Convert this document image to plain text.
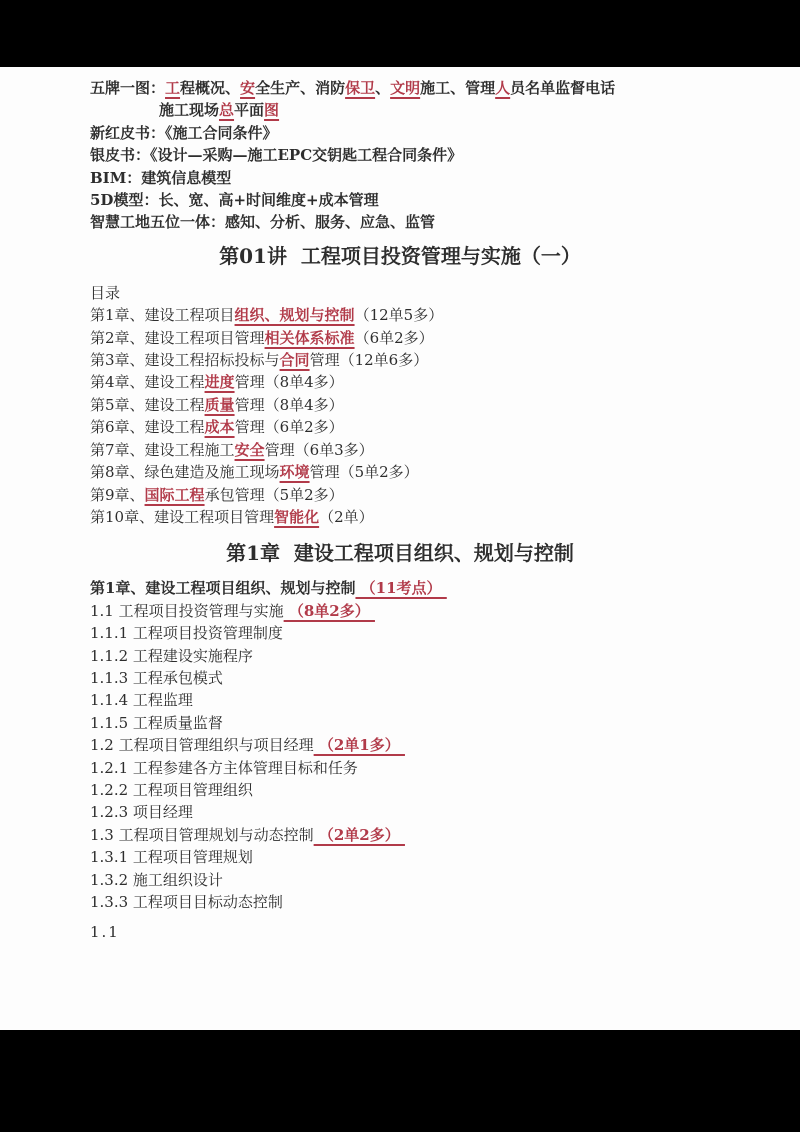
五牌一图：工程概况、安全生产、消防保卫、文明施工、管理人员名单监督电话
施工现场总平面图
新红皮书：《施工合同条件》
银皮书：《设计—采购—施工EPC交钥匙工程合同条件》
BIM：建筑信息模型
5D模型：长、宽、高+时间维度+成本管理
智慧工地五位一体：感知、分析、服务、应急、监管
第01讲  工程项目投资管理与实施（一）
目录
第1章、建设工程项目组织、规划与控制（12单5多）
第2章、建设工程项目管理相关体系标准（6单2多）
第3章、建设工程招标投标与合同管理（12单6多）
第4章、建设工程进度管理（8单4多）
第5章、建设工程质量管理（8单4多）
第6章、建设工程成本管理（6单2多）
第7章、建设工程施工安全管理（6单3多）
第8章、绿色建造及施工现场环境管理（5单2多）
第9章、国际工程承包管理（5单2多）
第10章、建设工程项目管理智能化（2单）
第1章  建设工程项目组织、规划与控制
第1章、建设工程项目组织、规划与控制 （11考点）
1.1 工程项目投资管理与实施 （8单2多）
1.1.1 工程项目投资管理制度
1.1.2 工程建设实施程序
1.1.3 工程承包模式
1.1.4 工程监理
1.1.5 工程质量监督
1.2 工程项目管理组织与项目经理 （2单1多）
1.2.1 工程参建各方主体管理目标和任务
1.2.2 工程项目管理组织
1.2.3 项目经理
1.3 工程项目管理规划与动态控制 （2单2多）
1.3.1 工程项目管理规划
1.3.2 施工组织设计
1.3.3 工程项目目标动态控制
1.1
